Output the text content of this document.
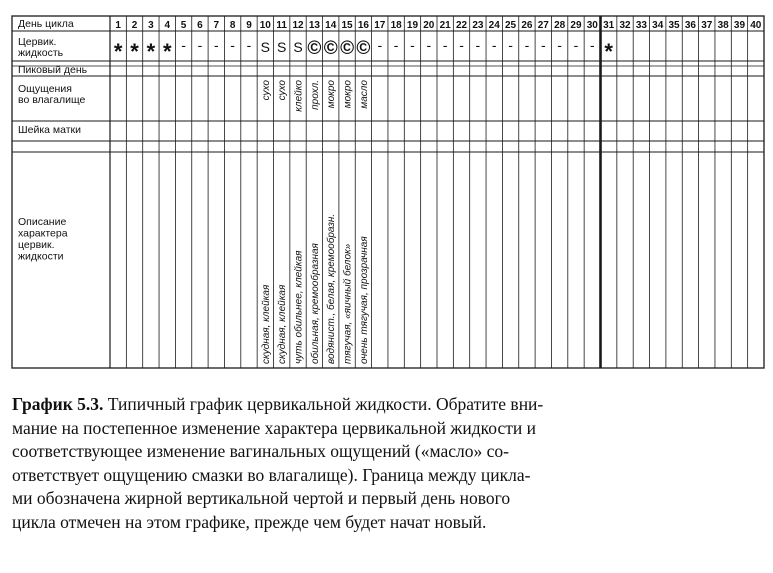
День цикла
Цервик. жидкость
Пиковый день
Ощущения во влагалище
Шейка матки
Описание характера цервик. жидкости
1 2 3 4 5 6 7 8 9 10 11 12 13 14 15 16 17 18 19 20 21 22 23 24 25 26 27 28 29 30 31 32 33 34 35 36 37 38 39 40
* * * * - - - - - S S S © © © © - - - - - - - - - - - - - - *
сухо сухо клейко прохл. мокро мокро масло
скудная, клейкая скудная, клейкая чуть обильнее, клейкая обильная, кремообразная водянист., белая, кремообразн. тягучая, «яичный белок» очень тягучая, прозрачная
График 5.3. Типичный график цервикальной жидкости. Обратите вни-
мание на постепенное изменение характера цервикальной жидкости и
соответствующее изменение вагинальных ощущений («масло» со-
ответствует ощущению смазки во влагалище). Граница между цикла-
ми обозначена жирной вертикальной чертой и первый день нового
цикла отмечен на этом графике, прежде чем будет начат новый.
